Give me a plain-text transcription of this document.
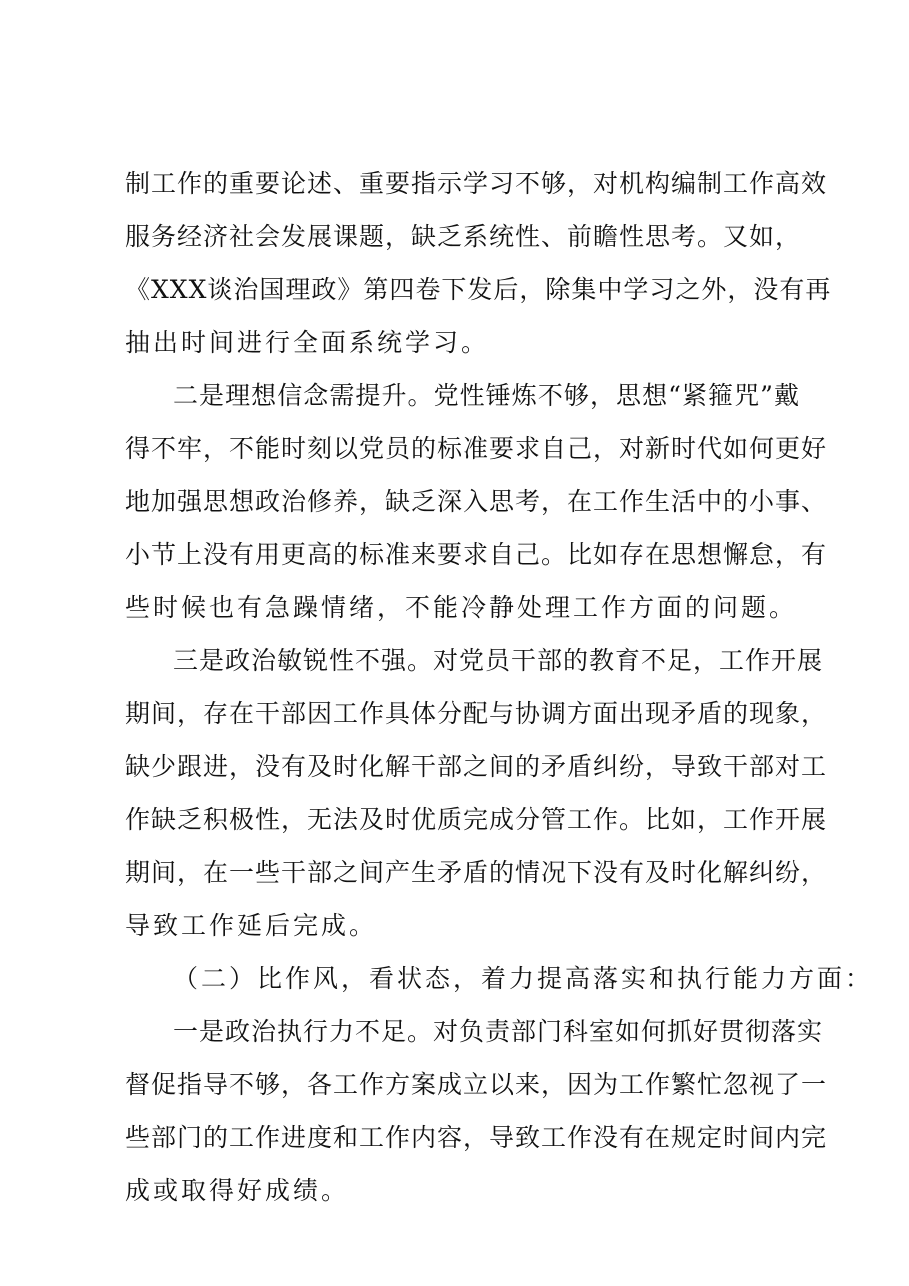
制工作的重要论述、重要指示学习不够，对机构编制工作高效
服务经济社会发展课题，缺乏系统性、前瞻性思考。又如，
《XXX谈治国理政》第四卷下发后，除集中学习之外，没有再
抽出时间进行全面系统学习。
二是理想信念需提升。党性锤炼不够，思想“紧箍咒”戴
得不牢，不能时刻以党员的标准要求自己，对新时代如何更好
地加强思想政治修养，缺乏深入思考，在工作生活中的小事、
小节上没有用更高的标准来要求自己。比如存在思想懈怠，有
些时候也有急躁情绪，不能冷静处理工作方面的问题。
三是政治敏锐性不强。对党员干部的教育不足，工作开展
期间，存在干部因工作具体分配与协调方面出现矛盾的现象，
缺少跟进，没有及时化解干部之间的矛盾纠纷，导致干部对工
作缺乏积极性，无法及时优质完成分管工作。比如，工作开展
期间，在一些干部之间产生矛盾的情况下没有及时化解纠纷，
导致工作延后完成。
（二）比作风，看状态，着力提高落实和执行能力方面：
一是政治执行力不足。对负责部门科室如何抓好贯彻落实
督促指导不够，各工作方案成立以来，因为工作繁忙忽视了一
些部门的工作进度和工作内容，导致工作没有在规定时间内完
成或取得好成绩。
